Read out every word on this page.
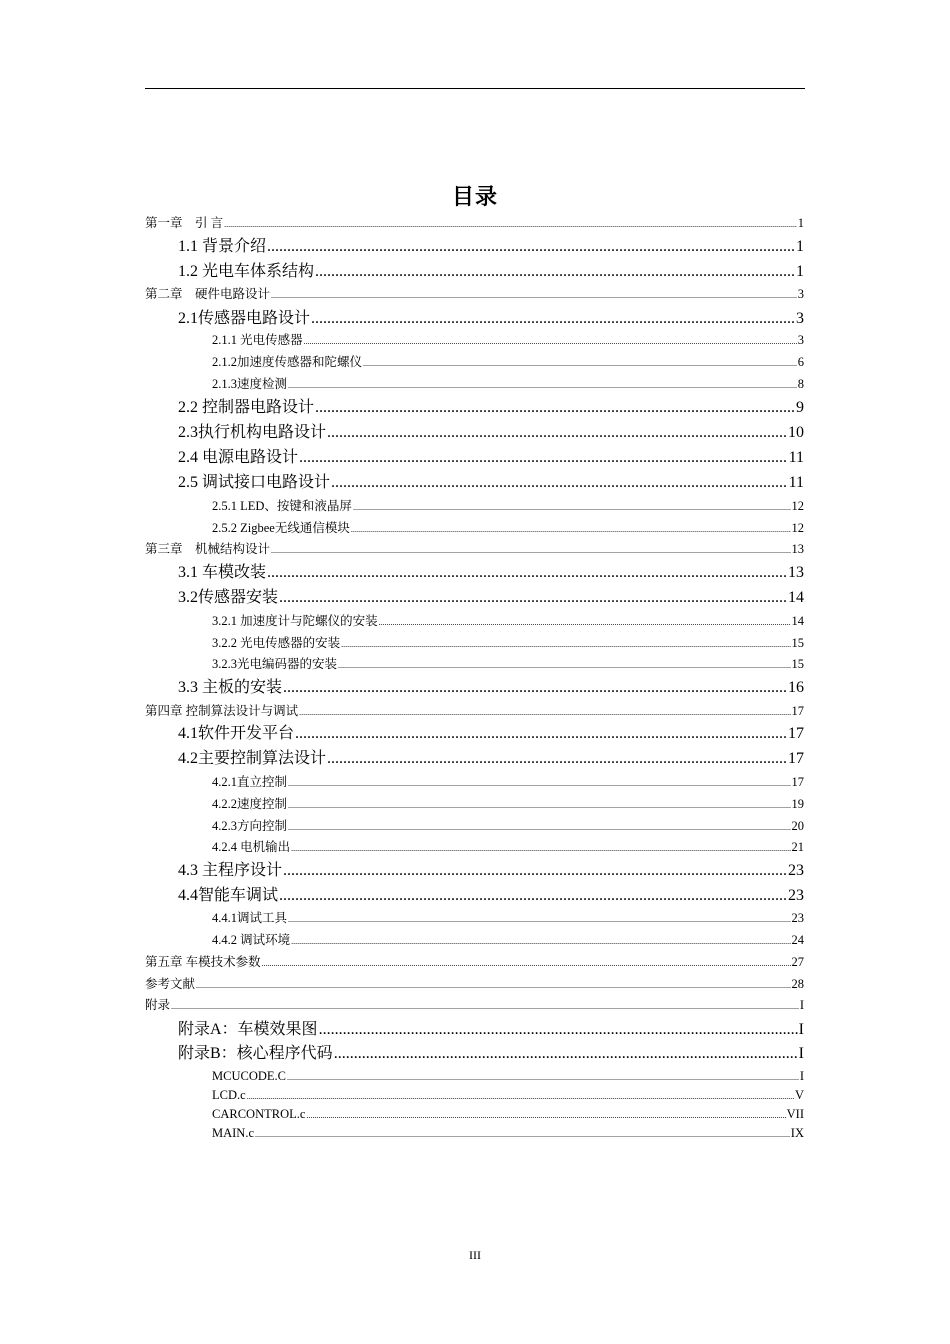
目录
第一章　引 言 .....	1
1.1 背景介绍 .....	1
1.2 光电车体系结构 .....	1
第二章　硬件电路设计 .....	3
2.1传感器电路设计 .....	3
2.1.1 光电传感器 .....	3
2.1.2加速度传感器和陀螺仪 .....	6
2.1.3速度检测 .....	8
2.2 控制器电路设计 .....	9
2.3执行机构电路设计 .....	10
2.4 电源电路设计 .....	11
2.5 调试接口电路设计 .....	11
2.5.1 LED、按键和液晶屏 .....	12
2.5.2 Zigbee无线通信模块 .....	12
第三章　机械结构设计 .....	13
3.1 车模改装 .....	13
3.2传感器安装 .....	14
3.2.1 加速度计与陀螺仪的安装 .....	14
3.2.2 光电传感器的安装 .....	15
3.2.3光电编码器的安装 .....	15
3.3 主板的安装 .....	16
第四章 控制算法设计与调试 .....	17
4.1软件开发平台 .....	17
4.2主要控制算法设计 .....	17
4.2.1直立控制 .....	17
4.2.2速度控制 .....	19
4.2.3方向控制 .....	20
4.2.4 电机输出 .....	21
4.3 主程序设计 .....	23
4.4智能车调试 .....	23
4.4.1调试工具 .....	23
4.4.2 调试环境 .....	24
第五章 车模技术参数 .....	27
参考文献 .....	28
附录 .....	I
附录A：车模效果图 .....	I
附录B：核心程序代码 .....	I
MCUCODE.C .....	I
LCD.c .....	V
CARCONTROL.c .....	VII
MAIN.c .....	IX
III
